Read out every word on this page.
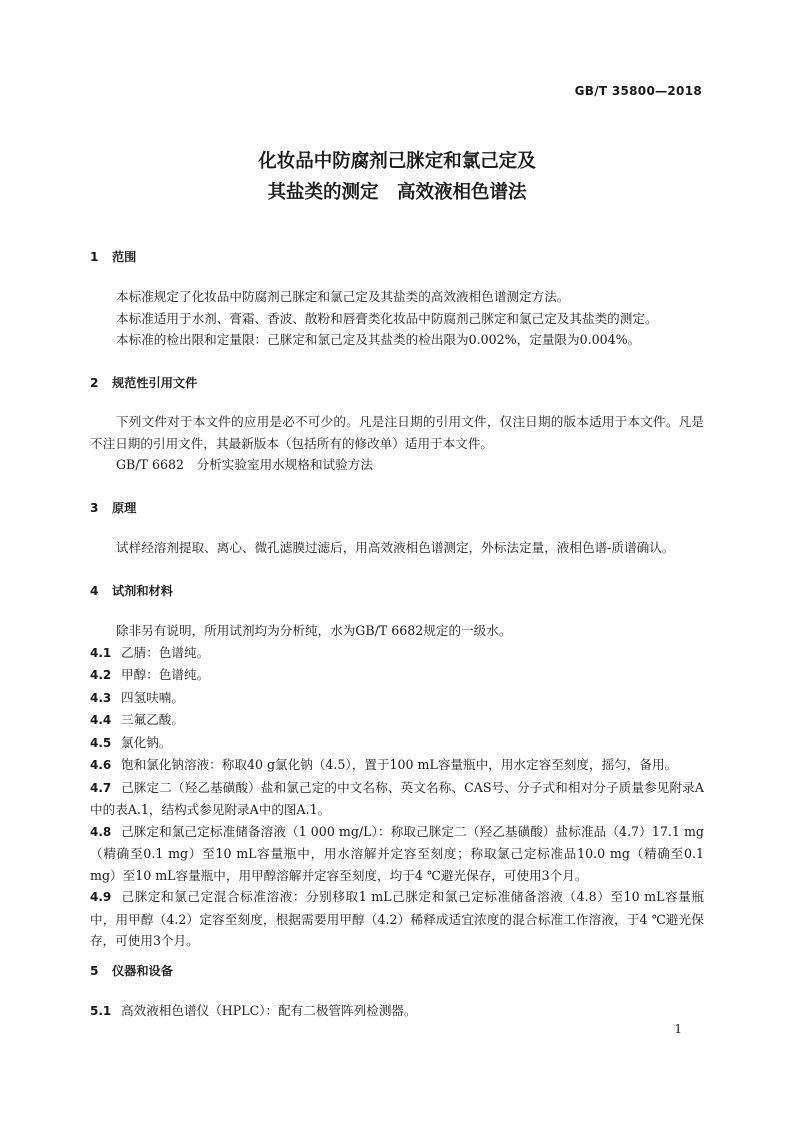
GB/T 35800—2018
化妆品中防腐剂己脒定和氯己定及
其盐类的测定　高效液相色谱法
1 范围

本标准规定了化妆品中防腐剂己脒定和氯己定及其盐类的高效液相色谱测定方法。

本标准适用于水剂、膏霜、香波、散粉和唇膏类化妆品中防腐剂己脒定和氯己定及其盐类的测定。

本标准的检出限和定量限：己脒定和氯己定及其盐类的检出限为0.002%，定量限为0.004%。

2 规范性引用文件

下列文件对于本文件的应用是必不可少的。凡是注日期的引用文件，仅注日期的版本适用于本文件。凡是不注日期的引用文件，其最新版本（包括所有的修改单）适用于本文件。

GB/T 6682　分析实验室用水规格和试验方法

3 原理

试样经溶剂提取、离心、微孔滤膜过滤后，用高效液相色谱测定，外标法定量，液相色谱-质谱确认。

4 试剂和材料

除非另有说明，所用试剂均为分析纯，水为GB/T 6682规定的一级水。

4.1 乙腈：色谱纯。

4.2 甲醇：色谱纯。

4.3 四氢呋喃。

4.4 三氟乙酸。

4.5 氯化钠。

4.6 饱和氯化钠溶液：称取40 g氯化钠（4.5），置于100 mL容量瓶中，用水定容至刻度，摇匀，备用。

4.7 己脒定二（羟乙基磺酸）盐和氯己定的中文名称、英文名称、CAS号、分子式和相对分子质量参见附录A中的表A.1，结构式参见附录A中的图A.1。

4.8 己脒定和氯己定标准储备溶液（1 000 mg/L）：称取己脒定二（羟乙基磺酸）盐标准品（4.7）17.1 mg（精确至0.1 mg）至10 mL容量瓶中，用水溶解并定容至刻度；称取氯己定标准品10.0 mg（精确至0.1 mg）至10 mL容量瓶中，用甲醇溶解并定容至刻度，均于4 ℃避光保存，可使用3个月。

4.9 己脒定和氯己定混合标准溶液：分别移取1 mL己脒定和氯己定标准储备溶液（4.8）至10 mL容量瓶中，用甲醇（4.2）定容至刻度，根据需要用甲醇（4.2）稀释成适宜浓度的混合标准工作溶液，于4 ℃避光保存，可使用3个月。

5 仪器和设备

5.1 高效液相色谱仪（HPLC）：配有二极管阵列检测器。

1
